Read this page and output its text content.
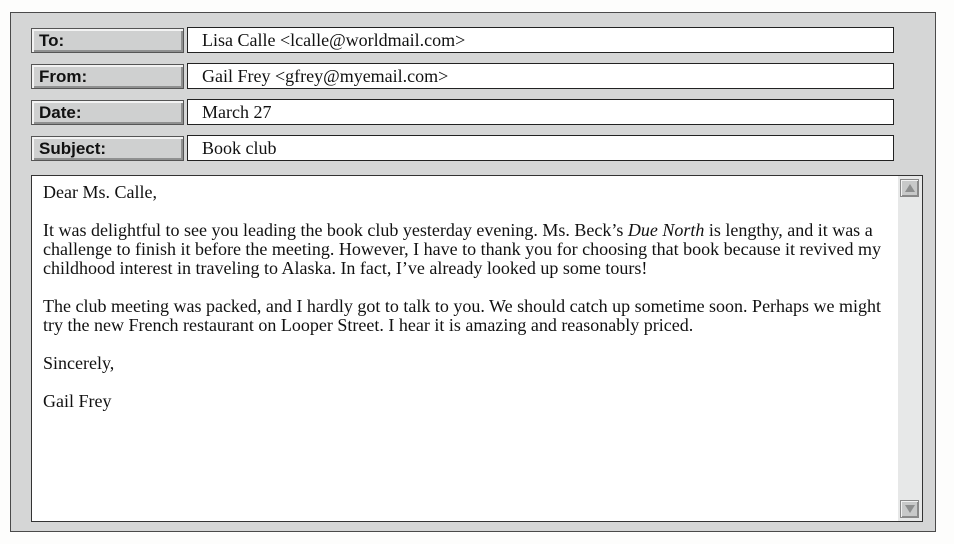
To:	Lisa Calle <lcalle@worldmail.com>
From:	Gail Frey <gfrey@myemail.com>
Date:	March 27
Subject:	Book club

Dear Ms. Calle,

It was delightful to see you leading the book club yesterday evening. Ms. Beck’s Due North is lengthy, and it was a challenge to finish it before the meeting. However, I have to thank you for choosing that book because it revived my childhood interest in traveling to Alaska. In fact, I’ve already looked up some tours!

The club meeting was packed, and I hardly got to talk to you. We should catch up sometime soon. Perhaps we might try the new French restaurant on Looper Street. I hear it is amazing and reasonably priced.

Sincerely,

Gail Frey
